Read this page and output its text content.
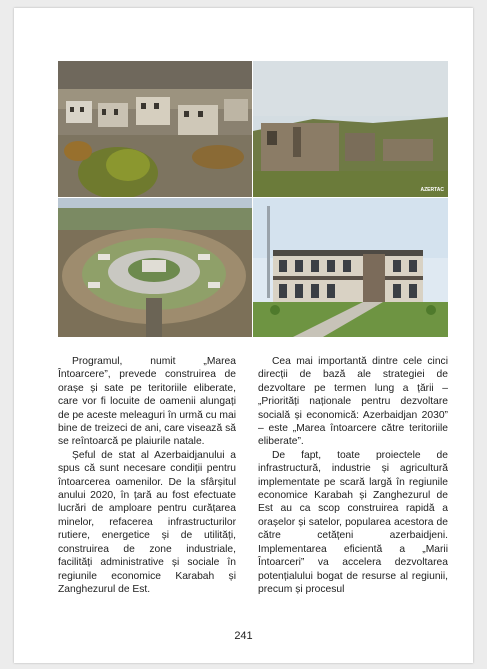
AZERTAC

Programul, numit „Marea Întoarcere”, prevede construirea de orașe și sate pe teritoriile eliberate, care vor fi locuite de oamenii alungați de pe aceste meleaguri în urmă cu mai bine de treizeci de ani, care visează să se reîntoarcă pe plaiurile natale.

Șeful de stat al Azerbaidjanului a spus că sunt necesare condiții pentru întoarcerea oamenilor. De la sfârșitul anului 2020, în țară au fost efectuate lucrări de amploare pentru curățarea minelor, refacerea infrastructurilor rutiere, energetice și de utilități, construirea de zone industriale, facilități administrative și sociale în regiunile economice Karabah și Zanghezurul de Est.

Cea mai importantă dintre cele cinci direcții de bază ale strategiei de dezvoltare pe termen lung a țării – „Priorități naționale pentru dezvoltare socială și economică: Azerbaidjan 2030” – este „Marea întoarcere către teritoriile eliberate”.

De fapt, toate proiectele de infrastructură, industrie și agricultură implementate pe scară largă în regiunile economice Karabah și Zanghezurul de Est au ca scop construirea rapidă a orașelor și satelor, popularea acestora de către cetățeni azerbaidjeni. Implementarea eficientă a „Marii Întoarceri” va accelera dezvoltarea potențialului bogat de resurse al regiunii, precum și procesul

241
